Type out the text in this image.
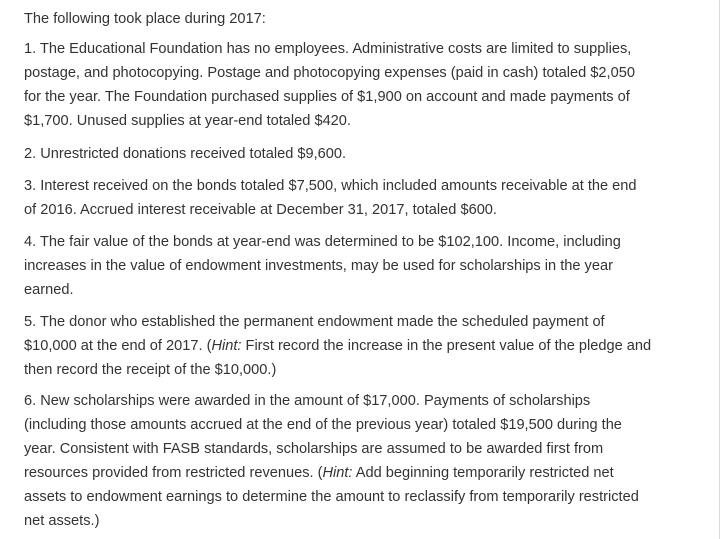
The following took place during 2017:
1. The Educational Foundation has no employees. Administrative costs are limited to supplies,
postage, and photocopying. Postage and photocopying expenses (paid in cash) totaled $2,050
for the year. The Foundation purchased supplies of $1,900 on account and made payments of
$1,700. Unused supplies at year-end totaled $420.
2. Unrestricted donations received totaled $9,600.
3. Interest received on the bonds totaled $7,500, which included amounts receivable at the end
of 2016. Accrued interest receivable at December 31, 2017, totaled $600.
4. The fair value of the bonds at year-end was determined to be $102,100. Income, including
increases in the value of endowment investments, may be used for scholarships in the year
earned.
5. The donor who established the permanent endowment made the scheduled payment of
$10,000 at the end of 2017. (Hint: First record the increase in the present value of the pledge and
then record the receipt of the $10,000.)
6. New scholarships were awarded in the amount of $17,000. Payments of scholarships
(including those amounts accrued at the end of the previous year) totaled $19,500 during the
year. Consistent with FASB standards, scholarships are assumed to be awarded first from
resources provided from restricted revenues. (Hint: Add beginning temporarily restricted net
assets to endowment earnings to determine the amount to reclassify from temporarily restricted
net assets.)
